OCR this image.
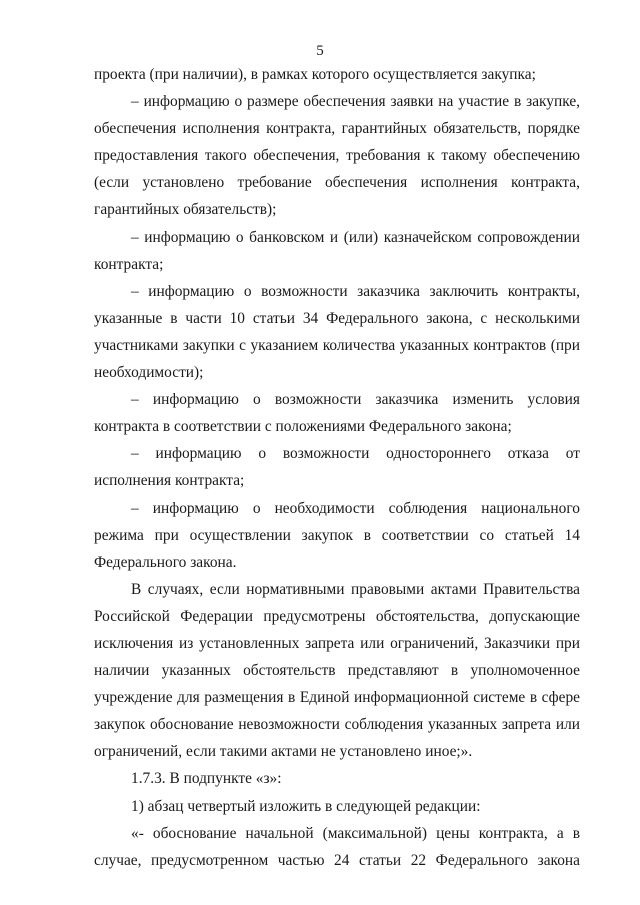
5

проекта (при наличии), в рамках которого осуществляется закупка;

– информацию о размере обеспечения заявки на участие в закупке, обеспечения исполнения контракта, гарантийных обязательств, порядке предоставления такого обеспечения, требования к такому обеспечению (если установлено требование обеспечения исполнения контракта, гарантийных обязательств);

– информацию о банковском и (или) казначейском сопровождении контракта;

– информацию о возможности заказчика заключить контракты, указанные в части 10 статьи 34 Федерального закона, с несколькими участниками закупки с указанием количества указанных контрактов (при необходимости);

– информацию о возможности заказчика изменить условия контракта в соответствии с положениями Федерального закона;

– информацию о возможности одностороннего отказа от исполнения контракта;

– информацию о необходимости соблюдения национального режима при осуществлении закупок в соответствии со статьей 14 Федерального закона.

В случаях, если нормативными правовыми актами Правительства Российской Федерации предусмотрены обстоятельства, допускающие исключения из установленных запрета или ограничений, Заказчики при наличии указанных обстоятельств представляют в уполномоченное учреждение для размещения в Единой информационной системе в сфере закупок обоснование невозможности соблюдения указанных запрета или ограничений, если такими актами не установлено иное;».

1.7.3. В подпункте «з»:

1) абзац четвертый изложить в следующей редакции:

«- обоснование начальной (максимальной) цены контракта, а в случае, предусмотренном частью 24 статьи 22 Федерального закона
